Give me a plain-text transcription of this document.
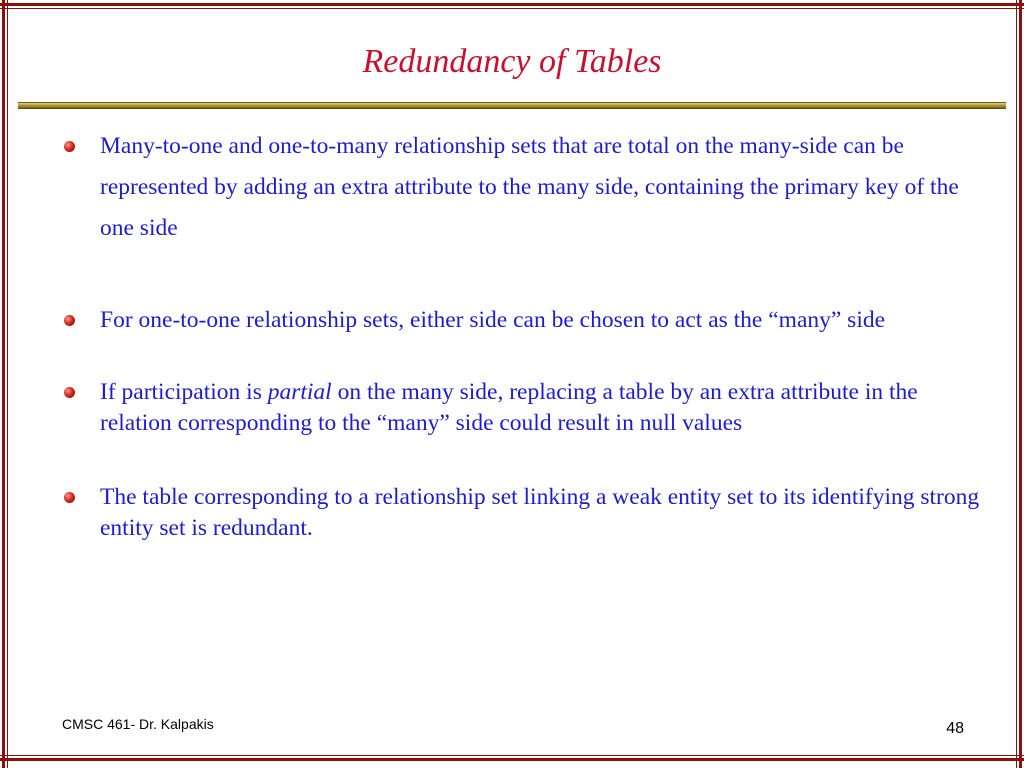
Redundancy of Tables
Many-to-one and one-to-many relationship sets that are total on the many-side can be represented by adding an extra attribute to the many side, containing the primary key of the one side
For one-to-one relationship sets, either side can be chosen to act as the “many” side
If participation is partial on the many side, replacing a table by an extra attribute in the relation corresponding to the “many” side could result in null values
The table corresponding to a relationship set linking a weak entity set to its identifying strong entity set is redundant.
CMSC 461- Dr. Kalpakis	48
